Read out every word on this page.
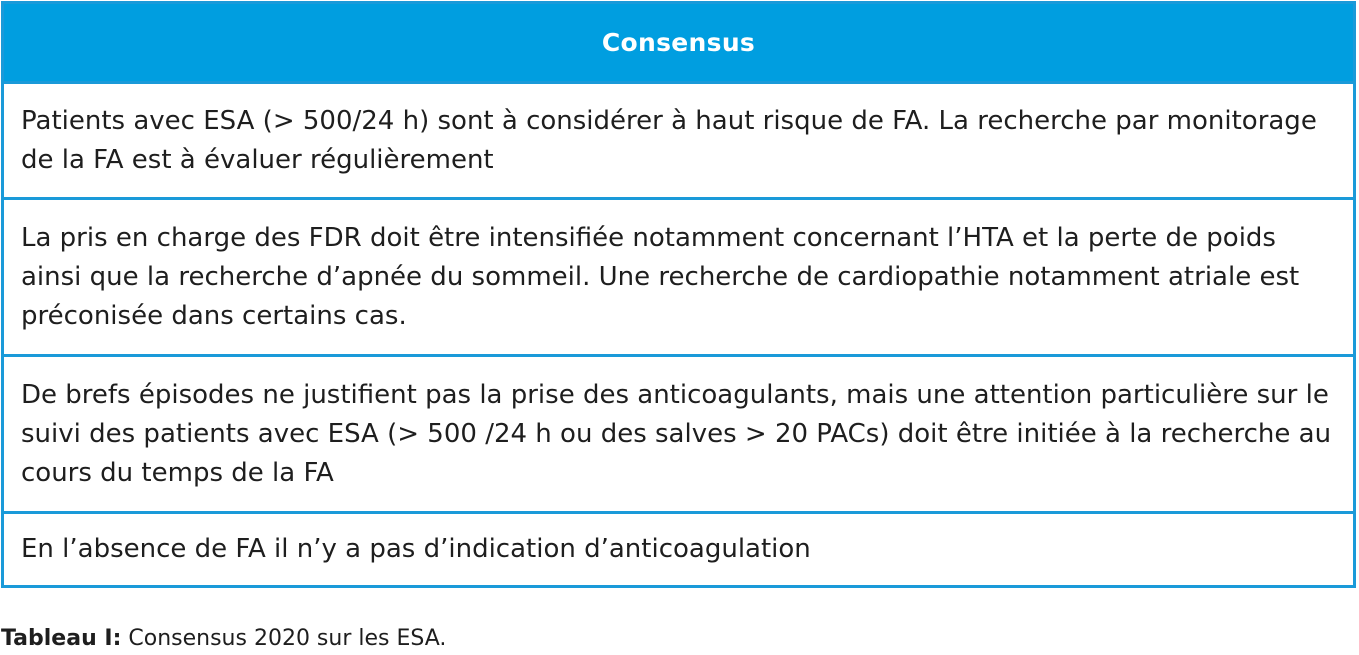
Consensus
Patients avec ESA (> 500/24 h) sont à considérer à haut risque de FA. La recherche par monitorage de la FA est à évaluer régulièrement
La pris en charge des FDR doit être intensifiée notamment concernant l’HTA et la perte de poids ainsi que la recherche d’apnée du sommeil. Une recherche de cardiopathie notamment atriale est préconisée dans certains cas.
De brefs épisodes ne justifient pas la prise des anticoagulants, mais une attention particulière sur le suivi des patients avec ESA (> 500 /24 h ou des salves > 20 PACs) doit être initiée à la recherche au cours du temps de la FA
En l’absence de FA il n’y a pas d’indication d’anticoagulation
Tableau I: Consensus 2020 sur les ESA.
